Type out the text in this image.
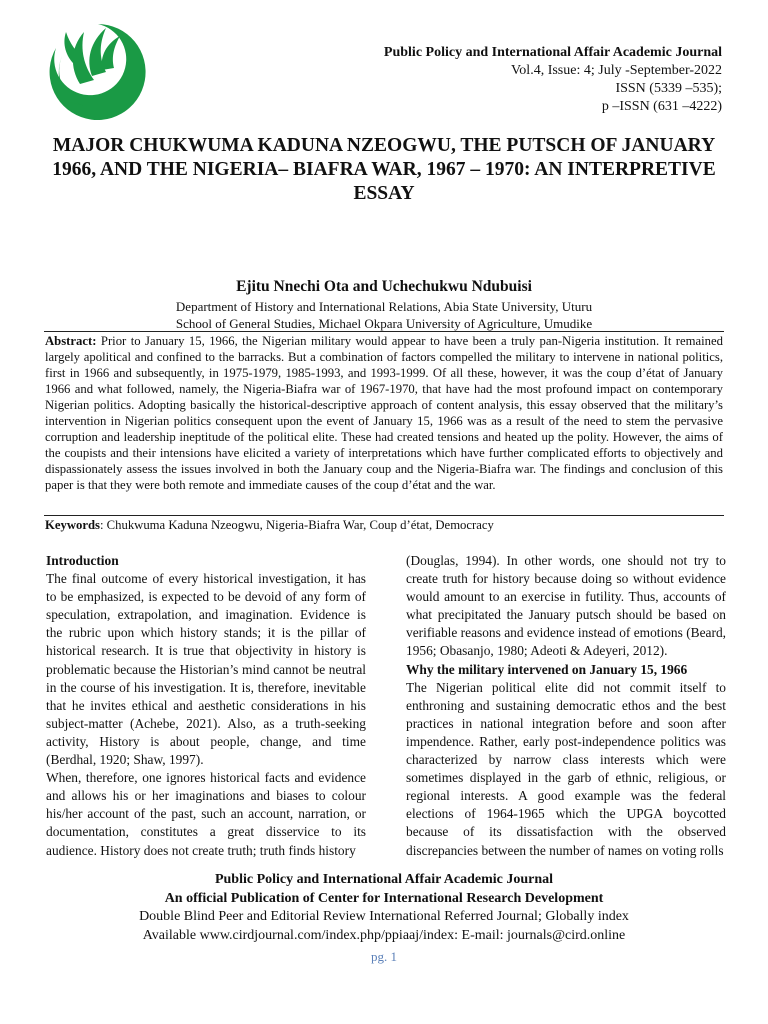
Public Policy and International Affair Academic Journal
Vol.4, Issue: 4; July -September-2022
ISSN (5339 –535);
p –ISSN (631 –4222)
MAJOR CHUKWUMA KADUNA NZEOGWU, THE PUTSCH OF JANUARY 1966, AND THE NIGERIA– BIAFRA WAR, 1967 – 1970: AN INTERPRETIVE ESSAY
Ejitu Nnechi Ota and Uchechukwu Ndubuisi
Department of History and International Relations, Abia State University, Uturu
School of General Studies, Michael Okpara University of Agriculture, Umudike
Abstract: Prior to January 15, 1966, the Nigerian military would appear to have been a truly pan-Nigeria institution. It remained largely apolitical and confined to the barracks. But a combination of factors compelled the military to intervene in national politics, first in 1966 and subsequently, in 1975-1979, 1985-1993, and 1993-1999. Of all these, however, it was the coup d’état of January 1966 and what followed, namely, the Nigeria-Biafra war of 1967-1970, that have had the most profound impact on contemporary Nigerian politics. Adopting basically the historical-descriptive approach of content analysis, this essay observed that the military’s intervention in Nigerian politics consequent upon the event of January 15, 1966 was as a result of the need to stem the pervasive corruption and leadership ineptitude of the political elite. These had created tensions and heated up the polity. However, the aims of the coupists and their intensions have elicited a variety of interpretations which have further complicated efforts to objectively and dispassionately assess the issues involved in both the January coup and the Nigeria-Biafra war. The findings and conclusion of this paper is that they were both remote and immediate causes of the coup d’état and the war.
Keywords: Chukwuma Kaduna Nzeogwu, Nigeria-Biafra War, Coup d’état, Democracy

Introduction

The final outcome of every historical investigation, it has to be emphasized, is expected to be devoid of any form of speculation, extrapolation, and imagination. Evidence is the rubric upon which history stands; it is the pillar of historical research. It is true that objectivity in history is problematic because the Historian’s mind cannot be neutral in the course of his investigation. It is, therefore, inevitable that he invites ethical and aesthetic considerations in his subject-matter (Achebe, 2021). Also, as a truth-seeking activity, History is about people, change, and time (Berdhal, 1920; Shaw, 1997).

When, therefore, one ignores historical facts and evidence and allows his or her imaginations and biases to colour his/her account of the past, such an account, narration, or documentation, constitutes a great disservice to its audience. History does not create truth; truth finds history

(Douglas, 1994). In other words, one should not try to create truth for history because doing so without evidence would amount to an exercise in futility. Thus, accounts of what precipitated the January putsch should be based on verifiable reasons and evidence instead of emotions (Beard, 1956; Obasanjo, 1980; Adeoti & Adeyeri, 2012).

Why the military intervened on January 15, 1966

The Nigerian political elite did not commit itself to enthroning and sustaining democratic ethos and the best practices in national integration before and soon after impendence. Rather, early post-independence politics was characterized by narrow class interests which were sometimes displayed in the garb of ethnic, religious, or regional interests. A good example was the federal elections of 1964-1965 which the UPGA boycotted because of its dissatisfaction with the observed discrepancies between the number of names on voting rolls

Public Policy and International Affair Academic Journal
An official Publication of Center for International Research Development
Double Blind Peer and Editorial Review International Referred Journal; Globally index
Available www.cirdjournal.com/index.php/ppiaaj/index: E-mail: journals@cird.online
pg. 1
